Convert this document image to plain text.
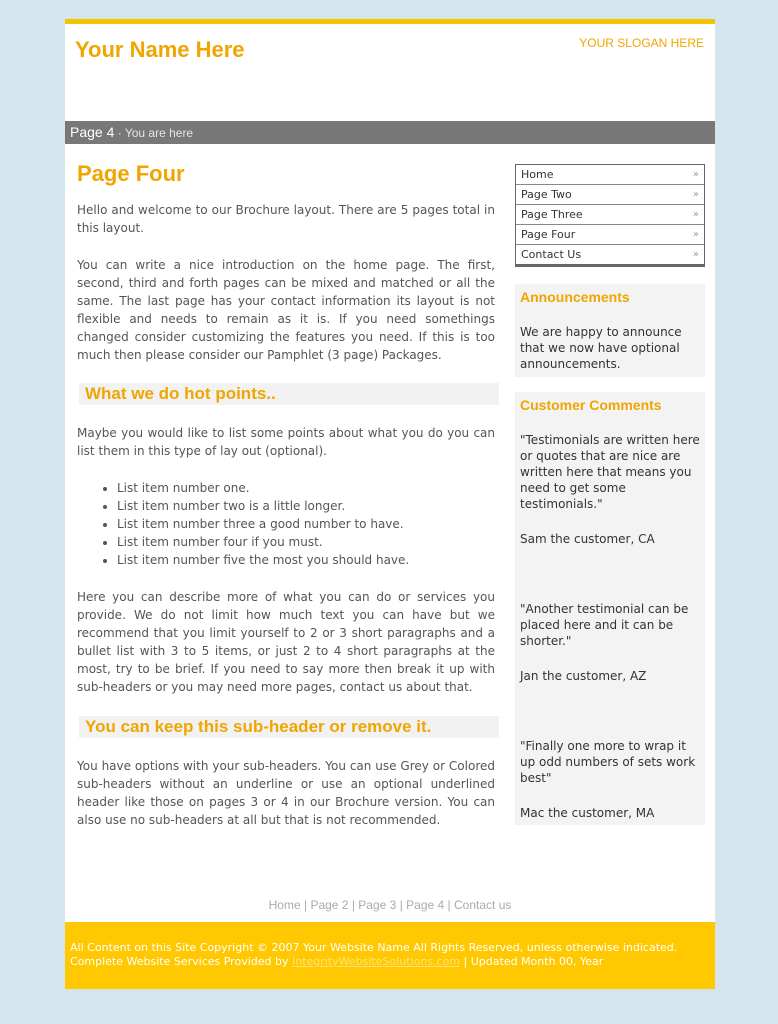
Your Name Here	YOUR SLOGAN HERE
Page 4 · You are here
Page Four

Hello and welcome to our Brochure layout. There are 5 pages total in this layout.

You can write a nice introduction on the home page. The first, second, third and forth pages can be mixed and matched or all the same. The last page has your contact information its layout is not flexible and needs to remain as it is. If you need somethings changed consider customizing the features you need. If this is too much then please consider our Pamphlet (3 page) Packages.

What we do hot points..

Maybe you would like to list some points about what you do you can list them in this type of lay out (optional).

• List item number one.
• List item number two is a little longer.
• List item number three a good number to have.
• List item number four if you must.
• List item number five the most you should have.

Here you can describe more of what you can do or services you provide. We do not limit how much text you can have but we recommend that you limit yourself to 2 or 3 short paragraphs and a bullet list with 3 to 5 items, or just 2 to 4 short paragraphs at the most, try to be brief. If you need to say more then break it up with sub-headers or you may need more pages, contact us about that.

You can keep this sub-header or remove it.

You have options with your sub-headers. You can use Grey or Colored sub-headers without an underline or use an optional underlined header like those on pages 3 or 4 in our Brochure version. You can also use no sub-headers at all but that is not recommended.

Home	»
Page Two	»
Page Three	»
Page Four	»
Contact Us	»
Announcements

We are happy to announce that we now have optional announcements.

Customer Comments

"Testimonials are written here or quotes that are nice are written here that means you need to get some testimonials."

Sam the customer, CA

"Another testimonial can be placed here and it can be shorter."

Jan the customer, AZ

"Finally one more to wrap it up odd numbers of sets work best"

Mac the customer, MA

Home | Page 2 | Page 3 | Page 4 | Contact us
All Content on this Site Copyright © 2007 Your Website Name All Rights Reserved, unless otherwise indicated.
Complete Website Services Provided by IntegrityWebsiteSolutions.com | Updated Month 00, Year
